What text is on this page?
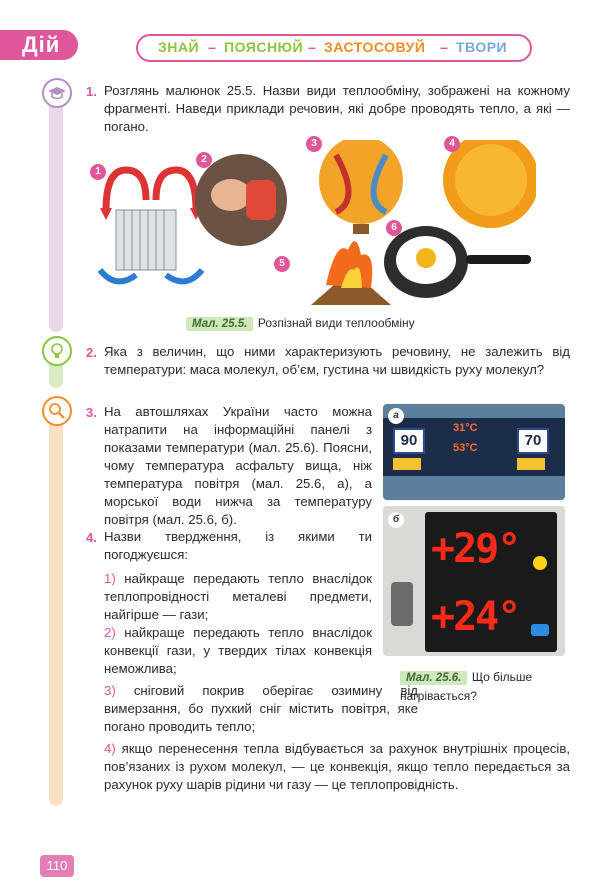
Дій	ЗНАЙ – ПОЯСНЮЙ – ЗАСТОСОВУЙ – ТВОРИ
1. Розглянь малюнок 25.5. Назви види теплообміну, зображені на кожному фрагменті. Наведи приклади речовин, які добре проводять тепло, а які — погано.
1
2
3	4
5
6
Мал. 25.5. Розпізнай види теплообміну
2. Яка з величин, що ними характеризують речовину, не залежить від температури: маса молекул, об’єм, густина чи швидкість руху молекул?
3. На автошляхах України часто можна натрапити на інформаційні панелі з показами температури (мал. 25.6). Поясни, чому температура асфальту вища, ніж температура повітря (мал. 25.6, а), а морської води нижча за температуру повітря (мал. 25.6, б).
90	70
31°C
53°C
а
+29°
+24°
б
Мал. 25.6. Що більше нагрівається?
4. Назви твердження, із якими ти погоджуєшся:
1) найкраще передають тепло внаслідок теплопровідності металеві предмети, найгірше — гази;
2) найкраще передають тепло внаслідок конвекції гази, у твердих тілах конвекція неможлива;
3) сніговий покрив оберігає озимину від вимерзання, бо пухкий сніг містить повітря, яке погано проводить тепло;
4) якщо перенесення тепла відбувається за рахунок внутрішніх процесів, пов’язаних із рухом молекул, — це конвекція, якщо тепло передається за рахунок руху шарів рідини чи газу — це теплопровідність.
110
